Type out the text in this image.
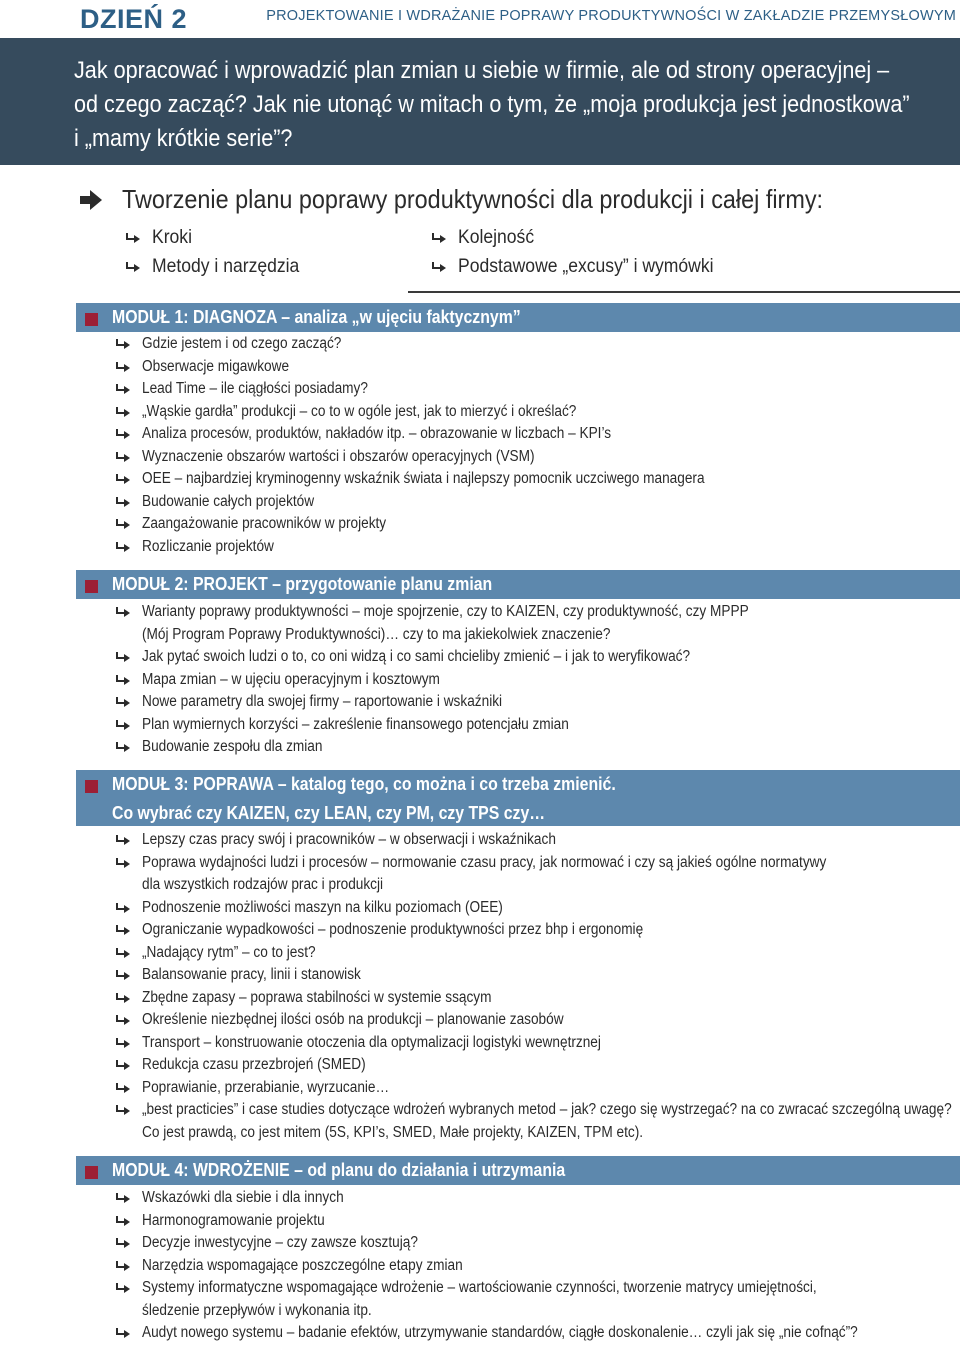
DZIEŃ 2	PROJEKTOWANIE I WDRAŻANIE POPRAWY PRODUKTYWNOŚCI W ZAKŁADZIE PRZEMYSŁOWYM

Jak opracować i wprowadzić plan zmian u siebie w firmie, ale od strony operacyjnej –

od czego zacząć? Jak nie utonąć w mitach o tym, że „moja produkcja jest jednostkowa”

i „mamy krótkie serie”?

Tworzenie planu poprawy produktywności dla produkcji i całej firmy:
Kroki	Kolejność
Metody i narzędzia	Podstawowe „excusy” i wymówki
MODUŁ 1: DIAGNOZA – analiza „w ujęciu faktycznym”
Gdzie jestem i od czego zacząć?
Obserwacje migawkowe
Lead Time – ile ciągłości posiadamy?
„Wąskie gardła” produkcji – co to w ogóle jest, jak to mierzyć i określać?
Analiza procesów, produktów, nakładów itp. – obrazowanie w liczbach – KPI’s
Wyznaczenie obszarów wartości i obszarów operacyjnych (VSM)
OEE – najbardziej kryminogenny wskaźnik świata i najlepszy pomocnik uczciwego managera
Budowanie całych projektów
Zaangażowanie pracowników w projekty
Rozliczanie projektów
MODUŁ 2: PROJEKT – przygotowanie planu zmian
Warianty poprawy produktywności – moje spojrzenie, czy to KAIZEN, czy produktywność, czy MPPP
(Mój Program Poprawy Produktywności)… czy to ma jakiekolwiek znaczenie?
Jak pytać swoich ludzi o to, co oni widzą i co sami chcieliby zmienić – i jak to weryfikować?
Mapa zmian – w ujęciu operacyjnym i kosztowym
Nowe parametry dla swojej firmy – raportowanie i wskaźniki
Plan wymiernych korzyści – zakreślenie finansowego potencjału zmian
Budowanie zespołu dla zmian
MODUŁ 3: POPRAWA – katalog tego, co można i co trzeba zmienić.
Co wybrać czy KAIZEN, czy LEAN, czy PM, czy TPS czy…
Lepszy czas pracy swój i pracowników – w obserwacji i wskaźnikach
Poprawa wydajności ludzi i procesów – normowanie czasu pracy, jak normować i czy są jakieś ogólne normatywy
dla wszystkich rodzajów prac i produkcji
Podnoszenie możliwości maszyn na kilku poziomach (OEE)
Ograniczanie wypadkowości – podnoszenie produktywności przez bhp i ergonomię
„Nadający rytm” – co to jest?
Balansowanie pracy, linii i stanowisk
Zbędne zapasy – poprawa stabilności w systemie ssącym
Określenie niezbędnej ilości osób na produkcji – planowanie zasobów
Transport – konstruowanie otoczenia dla optymalizacji logistyki wewnętrznej
Redukcja czasu przezbrojeń (SMED)
Poprawianie, przerabianie, wyrzucanie…
„best practicies” i case studies dotyczące wdrożeń wybranych metod – jak? czego się wystrzegać? na co zwracać szczególną uwagę?
Co jest prawdą, co jest mitem (5S, KPI’s, SMED, Małe projekty, KAIZEN, TPM etc).
MODUŁ 4: WDROŻENIE – od planu do działania i utrzymania
Wskazówki dla siebie i dla innych
Harmonogramowanie projektu
Decyzje inwestycyjne – czy zawsze kosztują?
Narzędzia wspomagające poszczególne etapy zmian
Systemy informatyczne wspomagające wdrożenie – wartościowanie czynności, tworzenie matrycy umiejętności,
śledzenie przepływów i wykonania itp.
Audyt nowego systemu – badanie efektów, utrzymywanie standardów, ciągłe doskonalenie… czyli jak się „nie cofnąć”?
